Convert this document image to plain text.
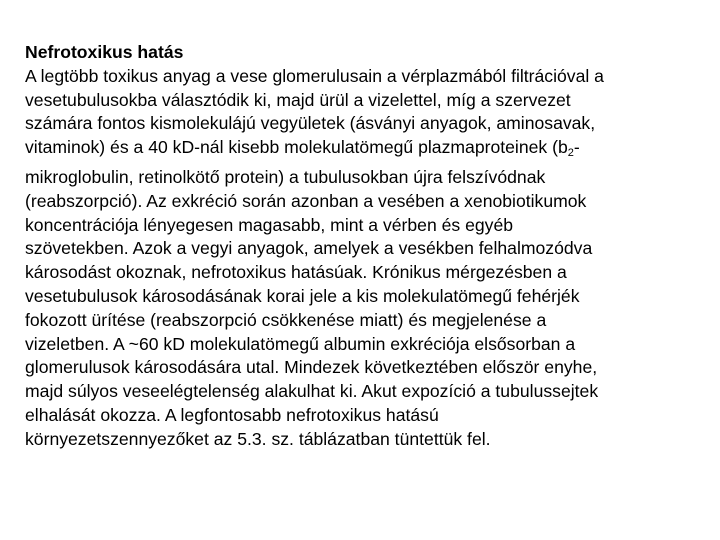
Nefrotoxikus hatás
A legtöbb toxikus anyag a vese glomerulusain a vérplazmából filtrációval a
vesetubulusokba választódik ki, majd ürül a vizelettel, míg a szervezet
számára fontos kismolekulájú vegyületek (ásványi anyagok, aminosavak,
vitaminok) és a 40 kD-nál kisebb molekulatömegű plazmaproteinek ($b_2-$
mikroglobulin, retinolkötő protein) a tubulusokban újra felszívódnak
(reabszorpció). Az exkréció során azonban a vesében a xenobiotikumok
koncentrációja lényegesen magasabb, mint a vérben és egyéb
szövetekben. Azok a vegyi anyagok, amelyek a vesékben felhalmozódva
károsodást okoznak, nefrotoxikus hatásúak. Krónikus mérgezésben a
vesetubulusok károsodásának korai jele a kis molekulatömegű fehérjék
fokozott ürítése (reabszorpció csökkenése miatt) és megjelenése a
vizeletben. A ~60 kD molekulatömegű albumin exkréciója elsősorban a
glomerulusok károsodására utal. Mindezek következtében először enyhe,
majd súlyos veseelégtelenség alakulhat ki. Akut expozíció a tubulussejtek
elhalását okozza. A legfontosabb nefrotoxikus hatású
környezetszennyezőket az 5.3. sz. táblázatban tüntettük fel.
